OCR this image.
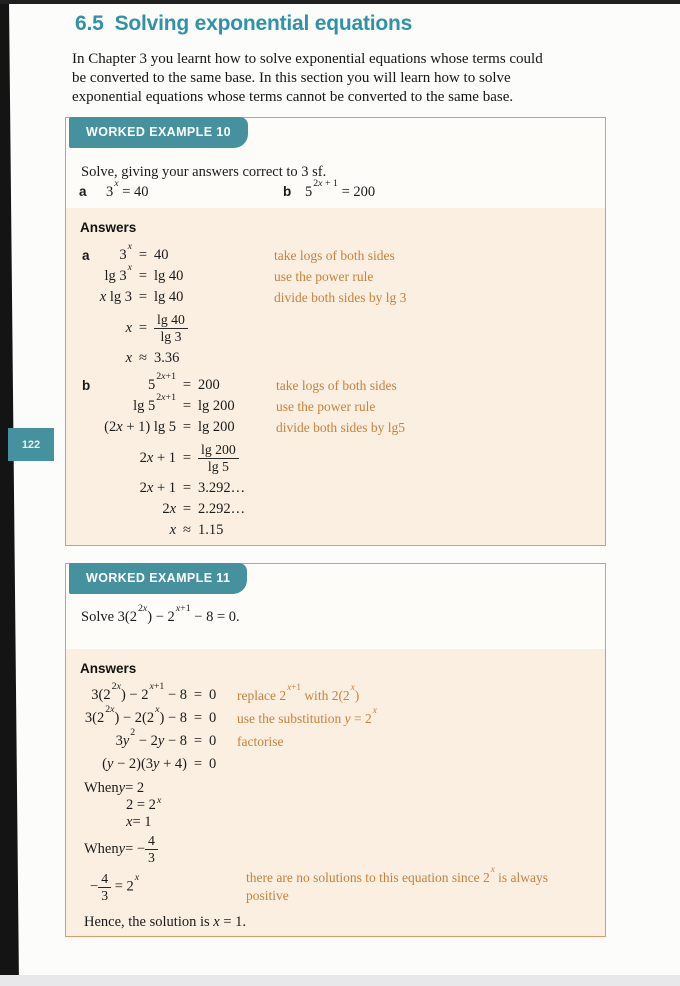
122
6.5 Solving exponential equations
In Chapter 3 you learnt how to solve exponential equations whose terms could
be converted to the same base. In this section you will learn how to solve
exponential equations whose terms cannot be converted to the same base.
WORKED EXAMPLE 10
Solve, giving your answers correct to 3 sf.
a	$3^x = 40$	b $5^{2x + 1} = 200$
Answers
a	$3^x$
= 40	take logs of both sides
$\lg 3^x$
= lg 40	use the power rule
x lg 3 = lg 40	divide both sides by lg 3
$x = \frac{\lg 40}{\lg 3}$
x ≈ 3.36
b	$5^{2x+1}$
= 200	take logs of both sides
$\lg 5^{2x+1}$
= lg 200	use the power rule
(2x + 1) lg 5 = lg 200	divide both sides by lg5
$2x + 1 = \frac{\lg 200}{\lg 5}$
2x + 1 = 3.292…
2x = 2.292…
x ≈ 1.15
WORKED EXAMPLE 11
Solve $3(2^{2x}) - 2^{x+1} - 8 = 0$.
Answers
$3(2^{2x}) - 2^{x+1} - 8 = 0$	replace $2^{x+1}$ with 2(2$^x$)
$3(2^{2x}) - 2(2^x) - 8 = 0$	use the substitution $y = 2^x$
$3y^2 - 2y - 8 = 0$	factorise
(y − 2)(3y + 4) = 0
When y = 2
2 = 2 $^x$
x = 1
When y = − $\frac{4}{3}$
− $\frac{4}{3} = 2^x$	there are no solutions to this equation since 2$^x$ is always positive
Hence, the solution is x = 1.
